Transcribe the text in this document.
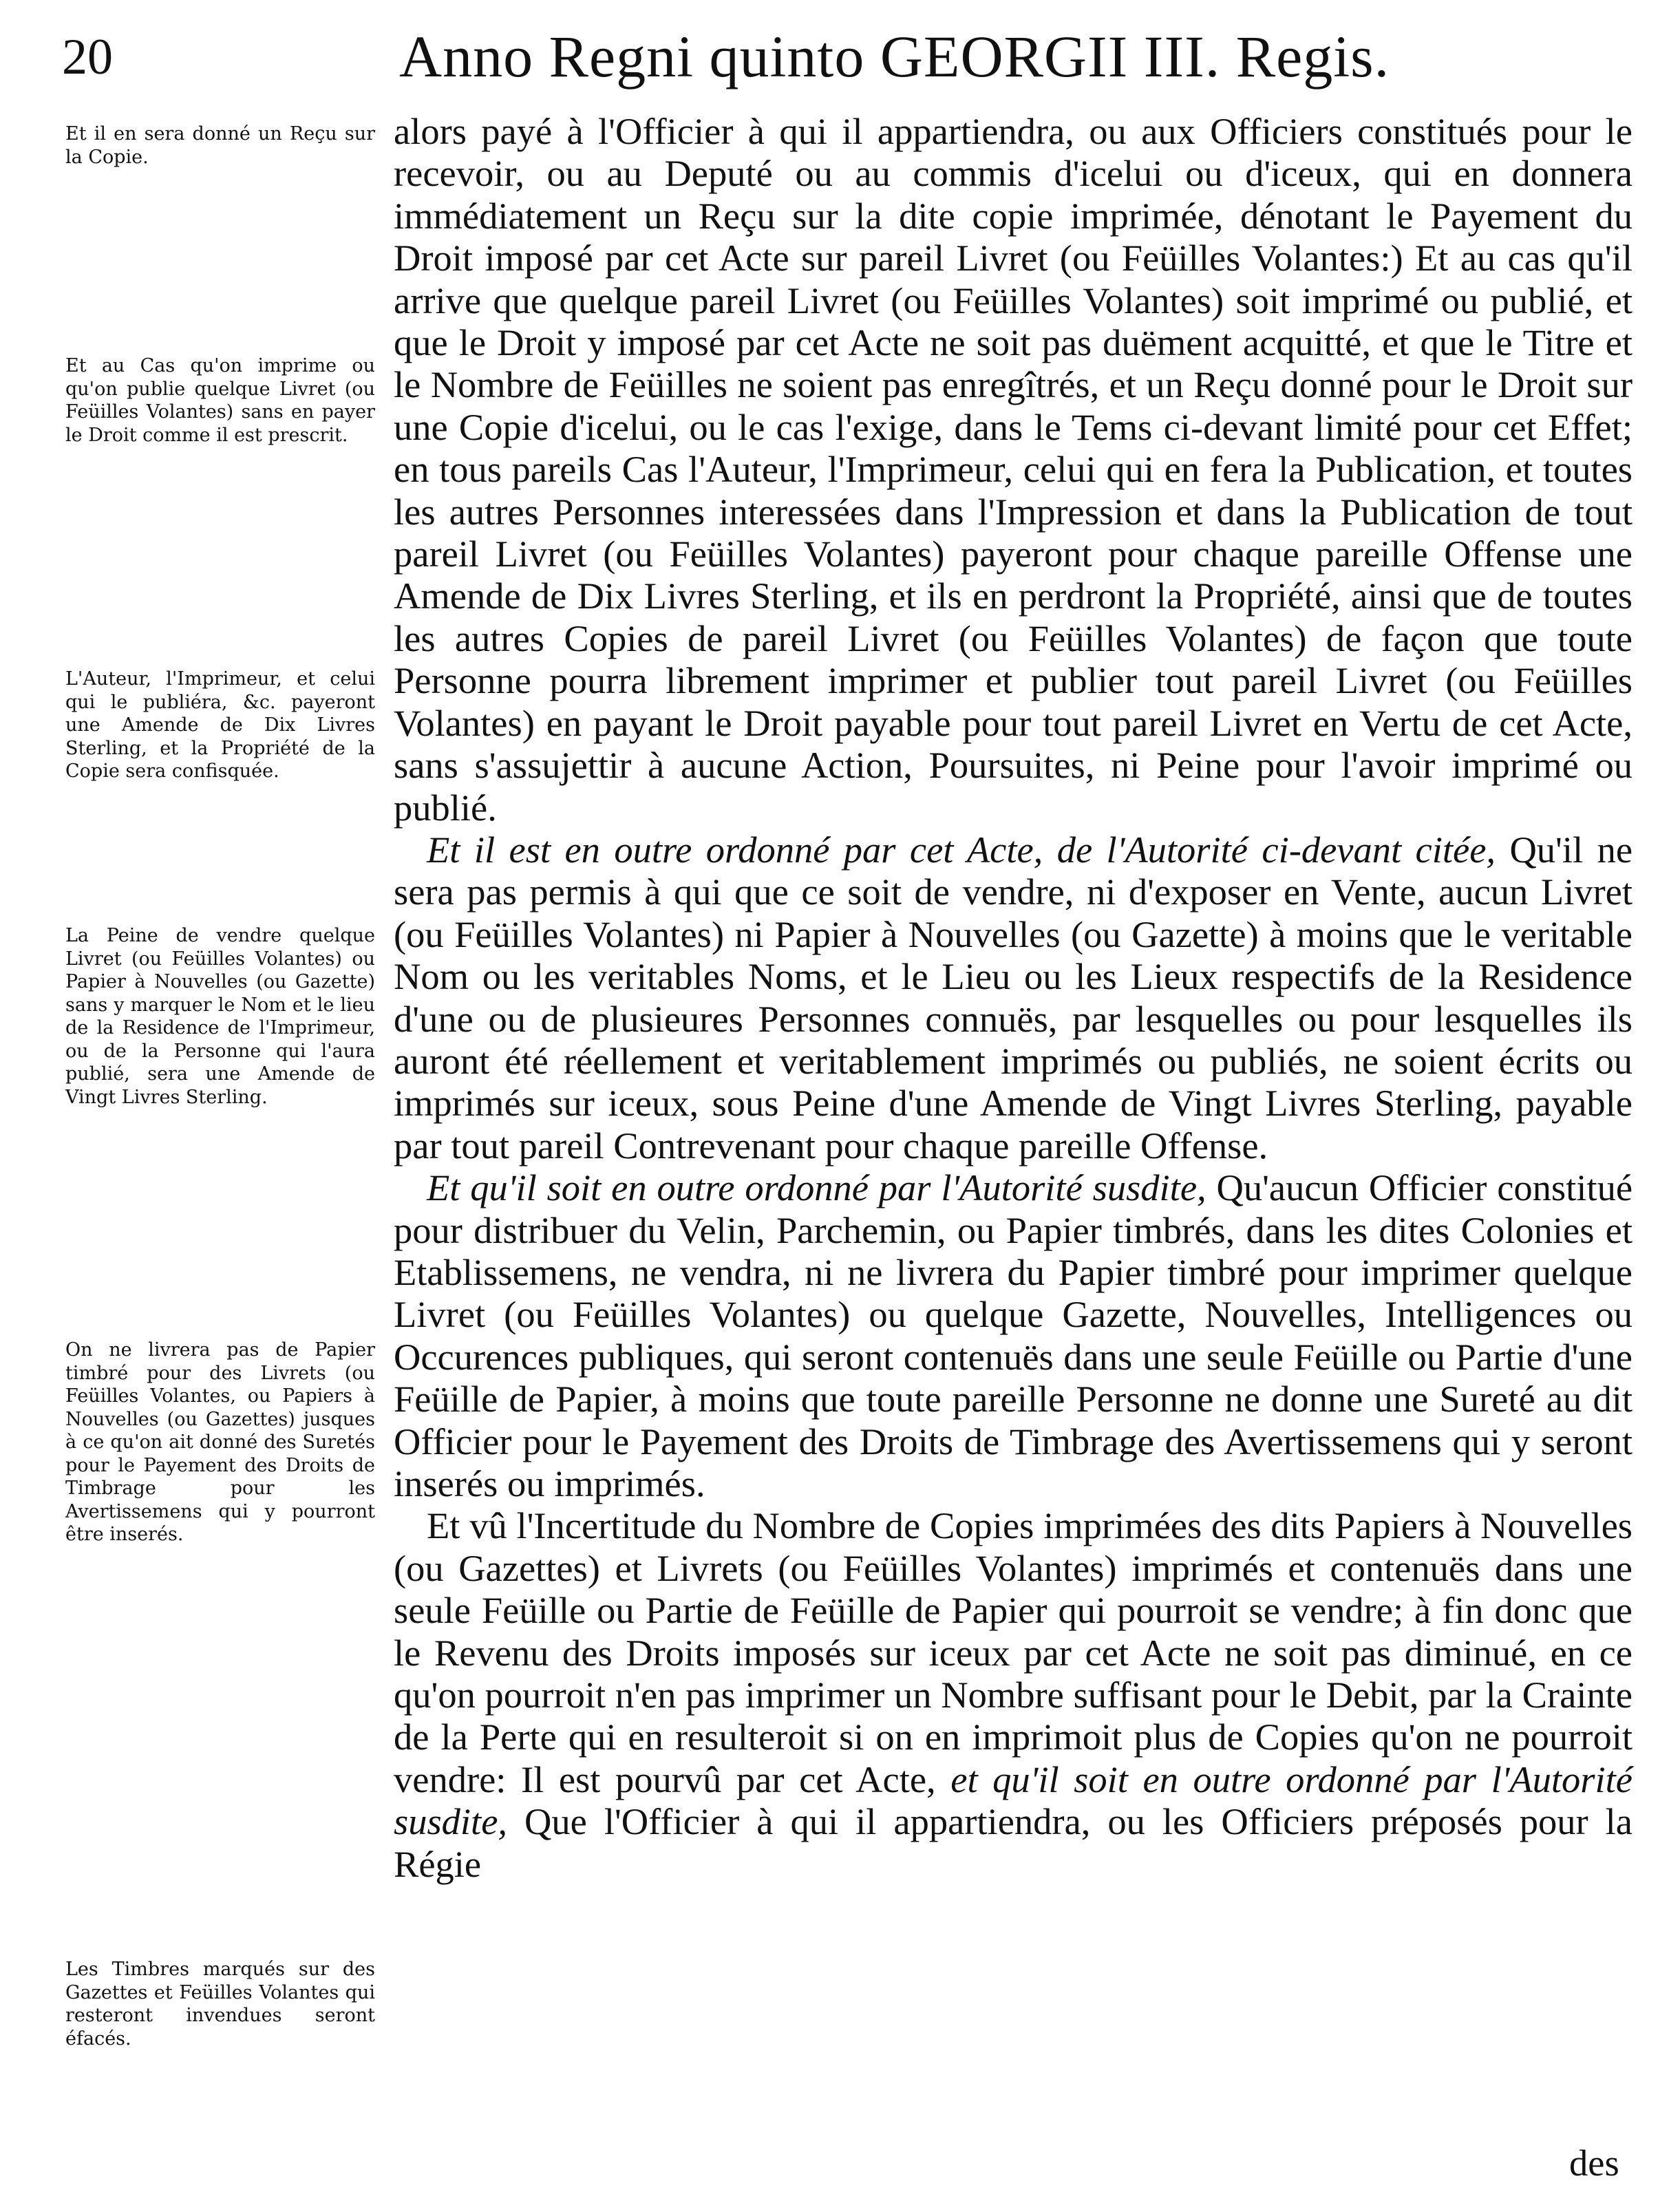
20	Anno Regni quinto GEORGII III. Regis.
Et il en sera donné un Reçu sur la Copie.
Et au Cas qu'on imprime ou qu'on publie quelque Livret (ou Feüilles Volantes) sans en payer le Droit comme il est prescrit.
L'Auteur, l'Imprimeur, et celui qui le publiéra, &c. payeront une Amende de Dix Livres Sterling, et la Propriété de la Copie sera confisquée.
La Peine de vendre quelque Livret (ou Feüilles Volantes) ou Papier à Nouvelles (ou Gazette) sans y marquer le Nom et le lieu de la Residence de l'Imprimeur, ou de la Personne qui l'aura publié, sera une Amende de Vingt Livres Sterling.
On ne livrera pas de Papier timbré pour des Livrets (ou Feüilles Volantes, ou Papiers à Nouvelles (ou Gazettes) jusques à ce qu'on ait donné des Suretés pour le Payement des Droits de Timbrage pour les Avertissemens qui y pourront être inserés.
Les Timbres marqués sur des Gazettes et Feüilles Volantes qui resteront invendues seront éfacés.

alors payé à l'Officier à qui il appartiendra, ou aux Officiers constitués pour le recevoir, ou au Deputé ou au commis d'icelui ou d'iceux, qui en donnera immédiatement un Reçu sur la dite copie imprimée, dénotant le Payement du Droit imposé par cet Acte sur pareil Livret (ou Feüilles Volantes:) Et au cas qu'il arrive que quelque pareil Livret (ou Feüilles Volantes) soit imprimé ou publié, et que le Droit y imposé par cet Acte ne soit pas duëment acquitté, et que le Titre et le Nombre de Feüilles ne soient pas enregîtrés, et un Reçu donné pour le Droit sur une Copie d'icelui, ou le cas l'exige, dans le Tems ci-devant limité pour cet Effet; en tous pareils Cas l'Auteur, l'Imprimeur, celui qui en fera la Publication, et toutes les autres Personnes interessées dans l'Impression et dans la Publication de tout pareil Livret (ou Feüilles Volantes) payeront pour chaque pareille Offense une Amende de Dix Livres Sterling, et ils en perdront la Propriété, ainsi que de toutes les autres Copies de pareil Livret (ou Feüilles Volantes) de façon que toute Personne pourra librement imprimer et publier tout pareil Livret (ou Feüilles Volantes) en payant le Droit payable pour tout pareil Livret en Vertu de cet Acte, sans s'assujettir à aucune Action, Poursuites, ni Peine pour l'avoir imprimé ou publié.

Et il est en outre ordonné par cet Acte, de l'Autorité ci-devant citée, Qu'il ne sera pas permis à qui que ce soit de vendre, ni d'exposer en Vente, aucun Livret (ou Feüilles Volantes) ni Papier à Nouvelles (ou Gazette) à moins que le veritable Nom ou les veritables Noms, et le Lieu ou les Lieux respectifs de la Residence d'une ou de plusieures Personnes connuës, par lesquelles ou pour lesquelles ils auront été réellement et veritablement imprimés ou publiés, ne soient écrits ou imprimés sur iceux, sous Peine d'une Amende de Vingt Livres Sterling, payable par tout pareil Contrevenant pour chaque pareille Offense.

Et qu'il soit en outre ordonné par l'Autorité susdite, Qu'aucun Officier constitué pour distribuer du Velin, Parchemin, ou Papier timbrés, dans les dites Colonies et Etablissemens, ne vendra, ni ne livrera du Papier timbré pour imprimer quelque Livret (ou Feüilles Volantes) ou quelque Gazette, Nouvelles, Intelligences ou Occurences publiques, qui seront contenuës dans une seule Feüille ou Partie d'une Feüille de Papier, à moins que toute pareille Personne ne donne une Sureté au dit Officier pour le Payement des Droits de Timbrage des Avertissemens qui y seront inserés ou imprimés.

Et vû l'Incertitude du Nombre de Copies imprimées des dits Papiers à Nouvelles (ou Gazettes) et Livrets (ou Feüilles Volantes) imprimés et contenuës dans une seule Feüille ou Partie de Feüille de Papier qui pourroit se vendre; à fin donc que le Revenu des Droits imposés sur iceux par cet Acte ne soit pas diminué, en ce qu'on pourroit n'en pas imprimer un Nombre suffisant pour le Debit, par la Crainte de la Perte qui en resulteroit si on en imprimoit plus de Copies qu'on ne pourroit vendre: Il est pourvû par cet Acte, et qu'il soit en outre ordonné par l'Autorité susdite, Que l'Officier à qui il appartiendra, ou les Officiers préposés pour la Régie

des
